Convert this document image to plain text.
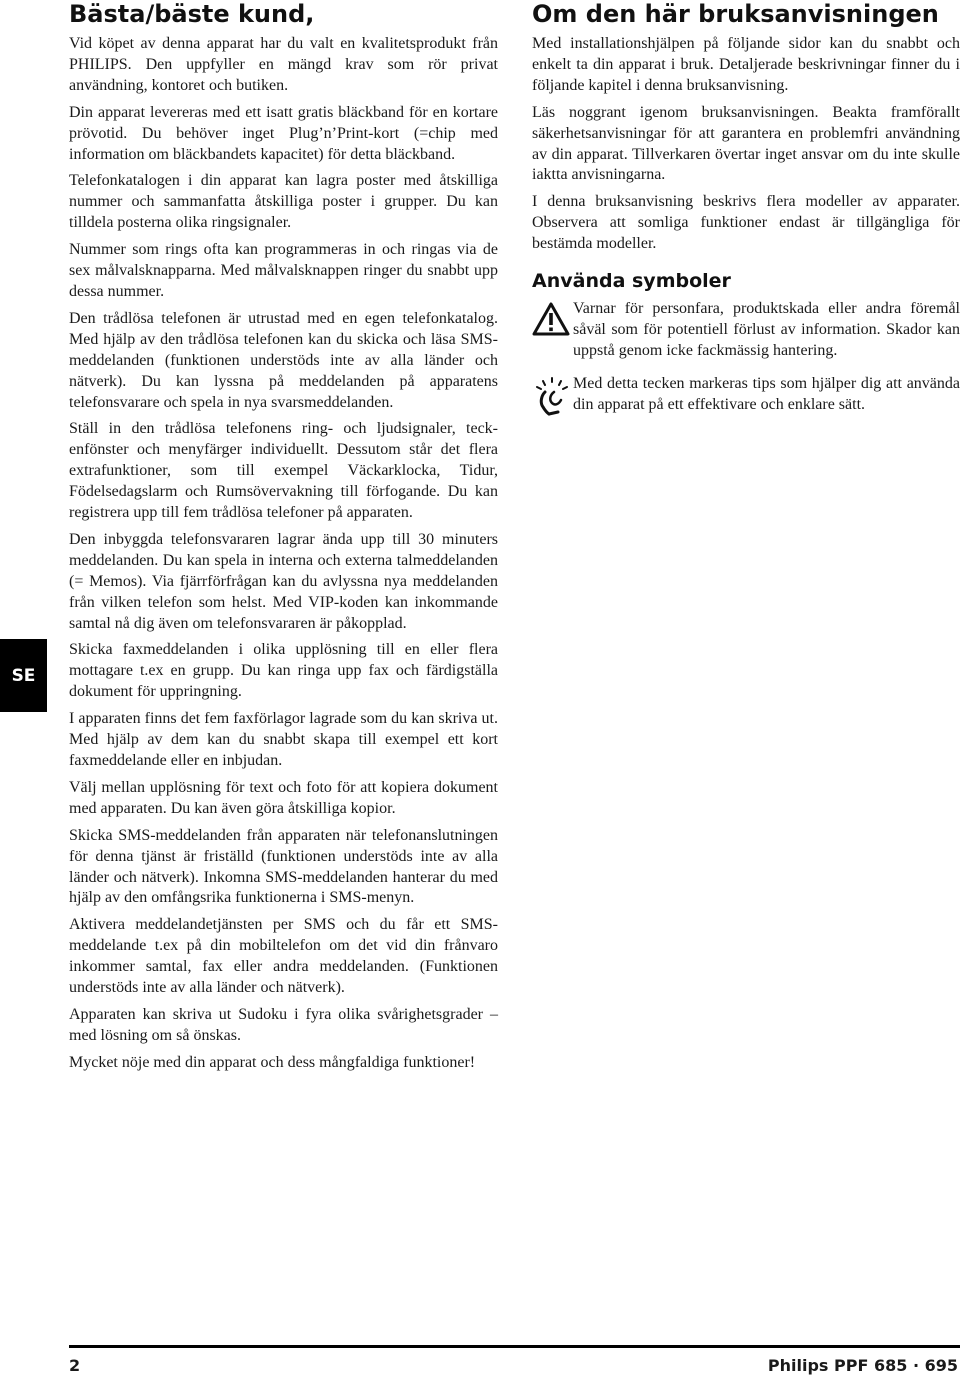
SE
Bästa/bäste kund,

Vid köpet av denna apparat har du valt en kvalitetsprodukt från PHILIPS. Den uppfyller en mängd krav som rör privat användning, kontoret och butiken.

Din apparat levereras med ett isatt gratis bläckband för en kortare prövotid. Du behöver inget Plug’n’Print-kort (=chip med information om bläckbandets kapacitet) för detta bläckband.

Telefonkatalogen i din apparat kan lagra poster med åtskilliga nummer och sammanfatta åtskilliga poster i grupper. Du kan tilldela posterna olika ringsignaler.

Nummer som rings ofta kan programmeras in och ringas via de sex målvalsknapparna. Med målvalsknappen ringer du snabbt upp dessa nummer.

Den trådlösa telefonen är utrustad med en egen telefonkatalog. Med hjälp av den trådlösa telefonen kan du skicka och läsa SMS-meddelanden (funktionen understöds inte av alla länder och nätverk). Du kan lyssna på meddelanden på apparatens telefonsvarare och spela in nya svarsmeddelanden.

Ställ in den trådlösa telefonens ring- och ljudsignaler, teckenfönster och menyfärger individuellt. Dessutom står det flera extrafunktioner, som till exempel Väckarklocka, Tidur, Födelsedagslarm och Rumsövervakning till förfogande. Du kan registrera upp till fem trådlösa telefoner på apparaten.

Den inbyggda telefonsvararen lagrar ända upp till 30 minuters meddelanden. Du kan spela in interna och externa talmeddelanden (= Memos). Via fjärrförfrågan kan du avlyssna nya meddelanden från vilken telefon som helst. Med VIP-koden kan inkommande samtal nå dig även om telefonsvararen är påkopplad.

Skicka faxmeddelanden i olika upplösning till en eller flera mottagare t.ex en grupp. Du kan ringa upp fax och färdigställa dokument för uppringning.

I apparaten finns det fem faxförlagor lagrade som du kan skriva ut. Med hjälp av dem kan du snabbt skapa till exempel ett kort faxmeddelande eller en inbjudan.

Välj mellan upplösning för text och foto för att kopiera dokument med apparaten. Du kan även göra åtskilliga kopior.

Skicka SMS-meddelanden från apparaten när telefonanslutningen för denna tjänst är friställd (funktionen understöds inte av alla länder och nätverk). Inkomna SMS-meddelanden hanterar du med hjälp av den omfångsrika funktionerna i SMS-menyn.

Aktivera meddelandetjänsten per SMS och du får ett SMS-meddelande t.ex på din mobiltelefon om det vid din frånvaro inkommer samtal, fax eller andra meddelanden. (Funktionen understöds inte av alla länder och nätverk).

Apparaten kan skriva ut Sudoku i fyra olika svårighetsgrader – med lösning om så önskas.

Mycket nöje med din apparat och dess mångfaldiga funktioner!

Om den här bruksanvisningen

Med installationshjälpen på följande sidor kan du snabbt och enkelt ta din apparat i bruk. Detaljerade beskrivningar finner du i följande kapitel i denna bruksanvisning.

Läs noggrant igenom bruksanvisningen. Beakta framförallt säkerhetsanvisningar för att garantera en problemfri användning av din apparat. Tillverkaren övertar inget ansvar om du inte skulle iaktta anvisningarna.

I denna bruksanvisning beskrivs flera modeller av apparater. Observera att somliga funktioner endast är tillgängliga för bestämda modeller.

Använda symboler

Varnar för personfara, produktskada eller andra föremål såväl som för potentiell förlust av information. Skador kan uppstå genom icke fackmässig hantering.

Med detta tecken markeras tips som hjälper dig att använda din apparat på ett effektivare och enklare sätt.

2	Philips PPF 685 · 695
